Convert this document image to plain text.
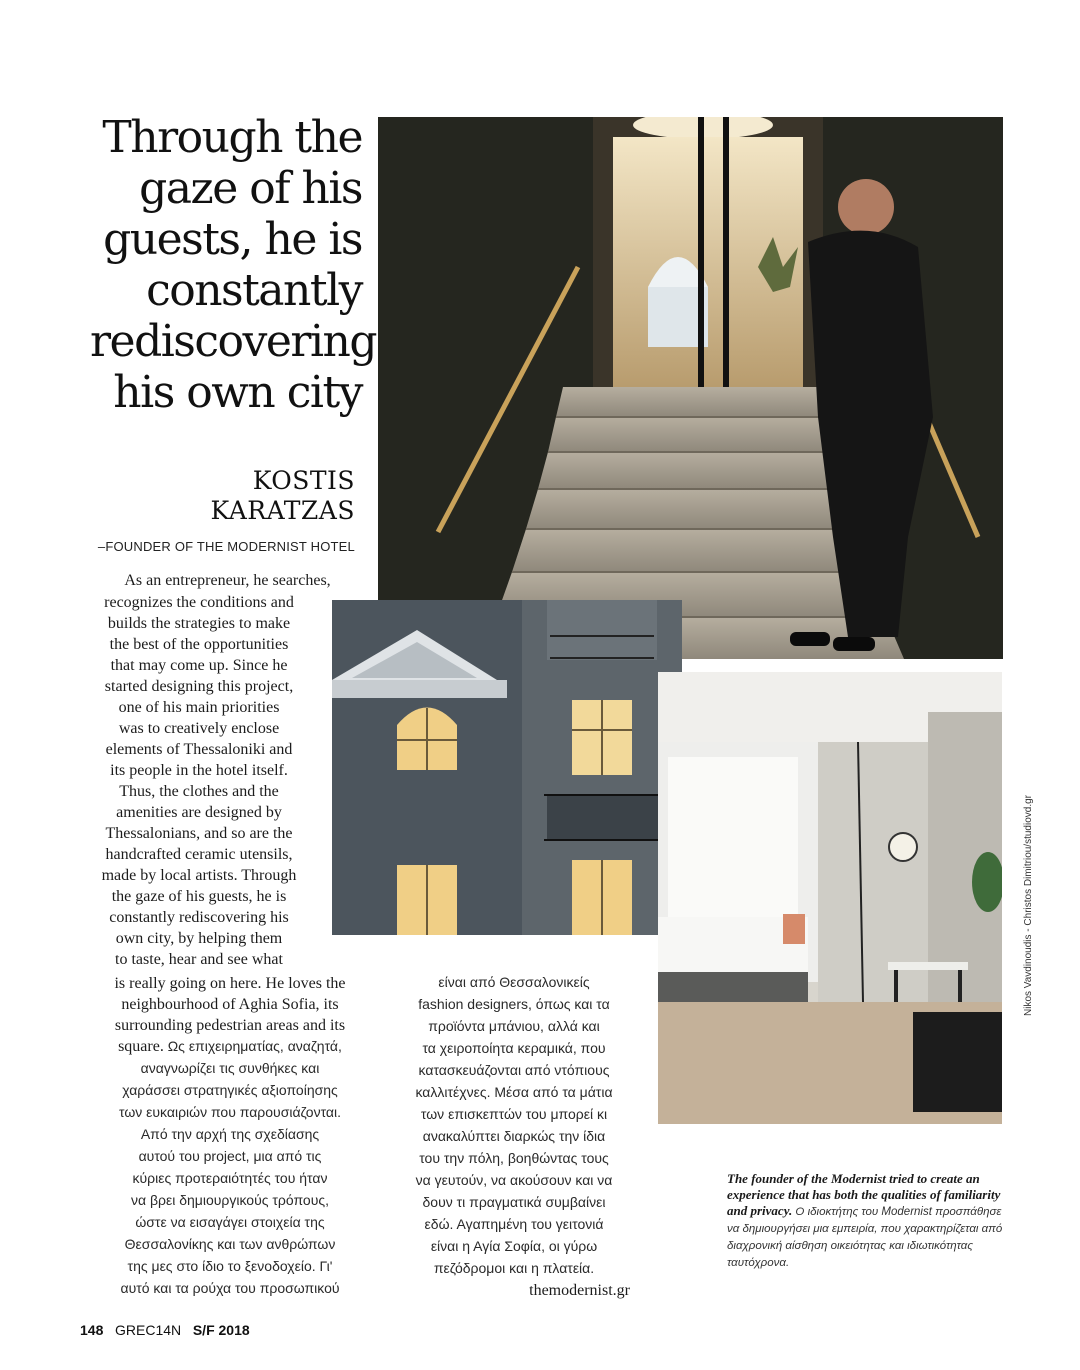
Through the
gaze of his
guests, he is
constantly
rediscovering
his own city
KOSTIS
KARATZAS
–FOUNDER OF THE MODERNIST HOTEL
As an entrepreneur, he searches,
recognizes the conditions and
builds the strategies to make
the best of the opportunities
that may come up. Since he
started designing this project,
one of his main priorities
was to creatively enclose
elements of Thessaloniki and
its people in the hotel itself.
Thus, the clothes and the
amenities are designed by
Thessalonians, and so are the
handcrafted ceramic utensils,
made by local artists. Through
the gaze of his guests, he is
constantly rediscovering his
own city, by helping them
to taste, hear and see what
is really going on here. He loves the
neighbourhood of Aghia Sofia, its
surrounding pedestrian areas and its
square. Ως επιχειρηματίας, αναζητά,
αναγνωρίζει τις συνθήκες και
χαράσσει στρατηγικές αξιοποίησης
των ευκαιριών που παρουσιάζονται.
Από την αρχή της σχεδίασης
αυτού του project, μια από τις
κύριες προτεραιότητές του ήταν
να βρει δημιουργικούς τρόπους,
ώστε να εισαγάγει στοιχεία της
Θεσσαλονίκης και των ανθρώπων
της μες στο ίδιο το ξενοδοχείο. Γι'
αυτό και τα ρούχα του προσωπικού
είναι από Θεσσαλονικείς
fashion designers, όπως και τα
προϊόντα μπάνιου, αλλά και
τα χειροποίητα κεραμικά, που
κατασκευάζονται από ντόπιους
καλλιτέχνες. Μέσα από τα μάτια
των επισκεπτών του μπορεί κι
ανακαλύπτει διαρκώς την ίδια
του την πόλη, βοηθώντας τους
να γευτούν, να ακούσουν και να
δουν τι πραγματικά συμβαίνει
εδώ. Αγαπημένη του γειτονιά
είναι η Αγία Σοφία, οι γύρω
πεζόδρομοι και η πλατεία.
themodernist.gr
The founder of the Modernist tried to create an experience that has both the qualities of familiarity and privacy. Ο ιδιοκτήτης του Modernist προσπάθησε να δημιουργήσει μια εμπειρία, που χαρακτηρίζεται από διαχρονική αίσθηση οικειότητας και ιδιωτικότητας ταυτόχρονα.
Nikos Vavdinoudis - Christos Dimitriou/studiovd.gr
148 GREC14N S/F 2018
